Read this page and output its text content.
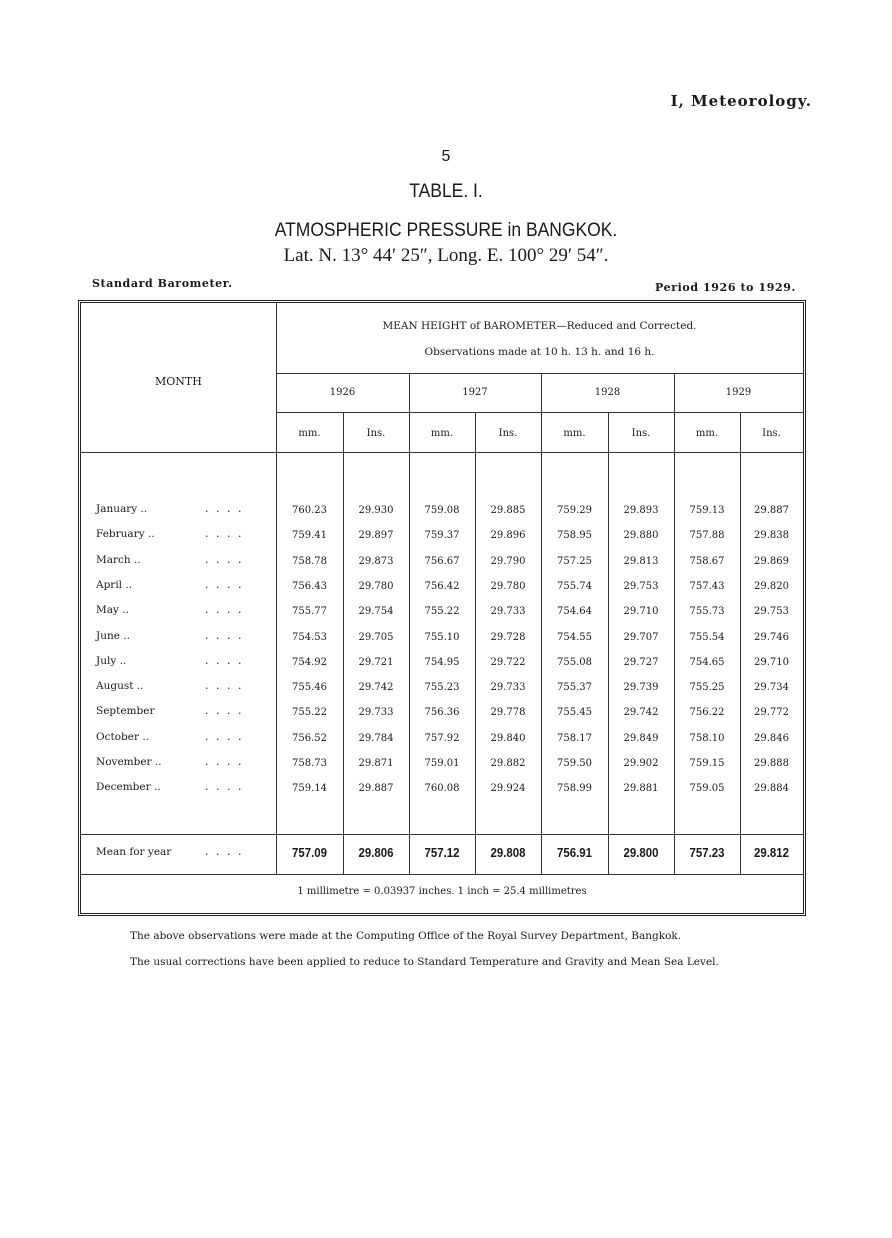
I, Meteorology.
5
TABLE. I.
ATMOSPHERIC PRESSURE in BANGKOK.
Lat. N. 13° 44′ 25″, Long. E. 100° 29′ 54″.
Standard Barometer.	Period 1926 to 1929.
MEAN HEIGHT of BAROMETER—Reduced and Corrected.
Observations made at 10 h. 13 h. and 16 h.
MONTH
1926	1927	1928	1929
mm.	Ins.	mm.	Ins.	mm.	Ins.	mm.	Ins.
January ..	. . . .	760.23	29.930	759.08	29.885	759.29	29.893	759.13	29.887
February ..	. . . .	759.41	29.897	759.37	29.896	758.95	29.880	757.88	29.838
March ..	. . . .	758.78	29.873	756.67	29.790	757.25	29.813	758.67	29.869
April ..	. . . .	756.43	29.780	756.42	29.780	755.74	29.753	757.43	29.820
May ..	. . . .	755.77	29.754	755.22	29.733	754.64	29.710	755.73	29.753
June ..	. . . .	754.53	29.705	755.10	29.728	754.55	29.707	755.54	29.746
July ..	. . . .	754.92	29.721	754.95	29.722	755.08	29.727	754.65	29.710
August ..	. . . .	755.46	29.742	755.23	29.733	755.37	29.739	755.25	29.734
September	. . . .	755.22	29.733	756.36	29.778	755.45	29.742	756.22	29.772
October ..	. . . .	756.52	29.784	757.92	29.840	758.17	29.849	758.10	29.846
November ..	. . . .	758.73	29.871	759.01	29.882	759.50	29.902	759.15	29.888
December ..	. . . .	759.14	29.887	760.08	29.924	758.99	29.881	759.05	29.884
Mean for year	. . . .	757.09	29.806	757.12	29.808	756.91	29.800	757.23	29.812
1 millimetre = 0.03937 inches. 1 inch = 25.4 millimetres
The above observations were made at the Computing Office of the Royal Survey Department, Bangkok.
The usual corrections have been applied to reduce to Standard Temperature and Gravity and Mean Sea Level.
